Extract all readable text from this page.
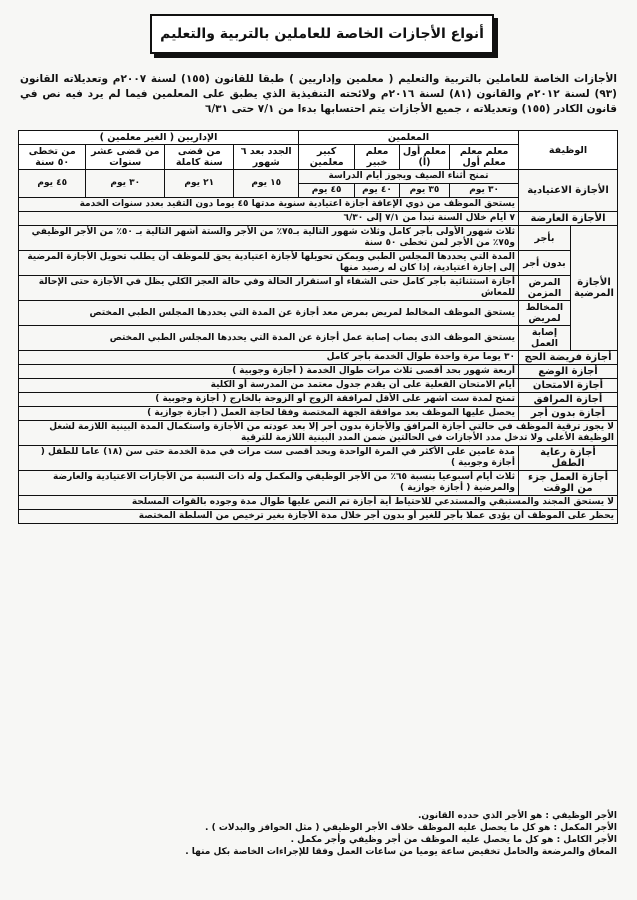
أنواع الأجازات الخاصة للعاملين بالتربية والتعليم
الأجازات الخاصة للعاملين بالتربية والتعليم ( معلمين وإداريين ) طبقا للقانون (١٥٥) لسنة ٢٠٠٧م وتعديلاته القانون (٩٣) لسنة ٢٠١٢م والقانون (٨١) لسنة ٢٠١٦م ولائحته التنفيذية الذي يطبق على المعلمين فيما لم يرد فيه نص في قانون الكادر (١٥٥) وتعديلاته ، جميع الأجازات يتم احتسابها بدءا من ٧/١ حتى ٦/٣١
الوظيفة		المعلمين				الإداريين ( الغير معلمين )			
		معلم معلم معلم أول	معلم أول (أ)	معلم خبير	كبير معلمين	الجدد بعد ٦ شهور	من قضى سنة كاملة	من قضى عشر سنوات	من تخطى ٥٠ سنة
الأجازة الاعتيادية		تمنح أثناء الصيف ويجوز أيام الدراسة				١٥ يوم	٢١ يوم	٣٠ يوم	٤٥ يوم
		٣٠ يوم	٣٥ يوم	٤٠ يوم	٤٥ يوم				
		يستحق الموظف من ذوي الإعاقة أجازة اعتيادية سنوية مدتها ٤٥ يوما دون التقيد بعدد سنوات الخدمة							
الأجازة العارضة		٧ أيام خلال السنة تبدأ من ٧/١ إلى ٦/٣٠							
الأجازة المرضية	بأجر	ثلاث شهور الأولى بأجر كامل وثلاث شهور التالية بـ٧٥٪ من الأجر والستة أشهر التالية بـ ٥٠٪ من الأجر الوظيفي و٧٥٪ من الأجر لمن تخطى ٥٠ سنة							
	بدون أجر	المدة التي يحددها المجلس الطبي ويمكن تحويلها لأجازة اعتيادية يحق للموظف أن يطلب تحويل الأجازة المرضية إلى إجازة اعتيادية، إذا كان له رصيد منها							
	المرض المزمن	أجازة استثنائية بأجر كامل حتى الشفاء أو استقرار الحالة وفي حالة العجز الكلي يظل في الأجازة حتى الإحالة للمعاش							
	المخالط لمريض	يستحق الموظف المخالط لمريض بمرض معد أجازة عن المدة التي يحددها المجلس الطبي المختص							
	إصابة العمل	يستحق الموظف الذى يصاب إصابة عمل أجازة عن المدة التي يحددها المجلس الطبي المختص							
أجازة فريضة الحج		٣٠ يوما مرة واحدة طوال الخدمة بأجر كامل							
أجازة الوضع		أربعة شهور بحد أقصى ثلاث مرات طوال الخدمة ( أجازة وجوبية )							
أجازة الامتحان		أيام الامتحان الفعلية على أن يقدم جدول معتمد من المدرسة أو الكلية							
أجازة المرافق		تمنح لمدة ست أشهر على الأقل لمرافقة الزوج أو الزوجة بالخارج ( أجازة وجوبية )							
أجازة بدون أجر		يحصل عليها الموظف بعد موافقة الجهة المختصة وفقا لحاجة العمل ( أجازة جوازية )							
لا يجوز ترقية الموظف في حالتي أجازة المرافق والأجازة بدون أجر إلا بعد عودته من الأجازة واستكمال المدة البينية اللازمة لشغل الوظيفة الأعلى ولا تدخل مدد الأجازات في الحالتين ضمن المدد البينية اللازمة للترقية									
أجازة رعاية الطفل		مدة عامين على الأكثر في المرة الواحدة وبحد أقصى ست مرات في مدة الخدمة حتى سن (١٨) عاما للطفل ( أجازة وجوبية )							
أجازة العمل جزء من الوقت		ثلاث أيام أسبوعيا بنسبة ٦٥٪ من الأجر الوظيفي والمكمل وله ذات النسبة من الأجازات الاعتيادية والعارضة والمرضية ( أجازة جوازية )							
لا يستحق المجند والمستبقي والمستدعي للاحتياط أية أجازة تم النص عليها طوال مدة وجوده بالقوات المسلحة									
يحظر على الموظف أن يؤدى عملا بأجر للغير أو بدون أجر خلال مدة الأجازة بغير ترخيص من السلطة المختصة									
الأجر الوظيفي : هو الأجر الذي حدده القانون.
الأجر المكمل : هو كل ما يحصل عليه الموظف خلاف الأجر الوظيفي ( مثل الحوافز والبدلات ) .
الأجر الكامل : هو كل ما يحصل عليه الموظف من أجر وظيفي وأجر مكمل .
المعاق والمرضعة والحامل تخفيض ساعة يوميا من ساعات العمل وفقا للإجراءات الخاصة بكل منها .
